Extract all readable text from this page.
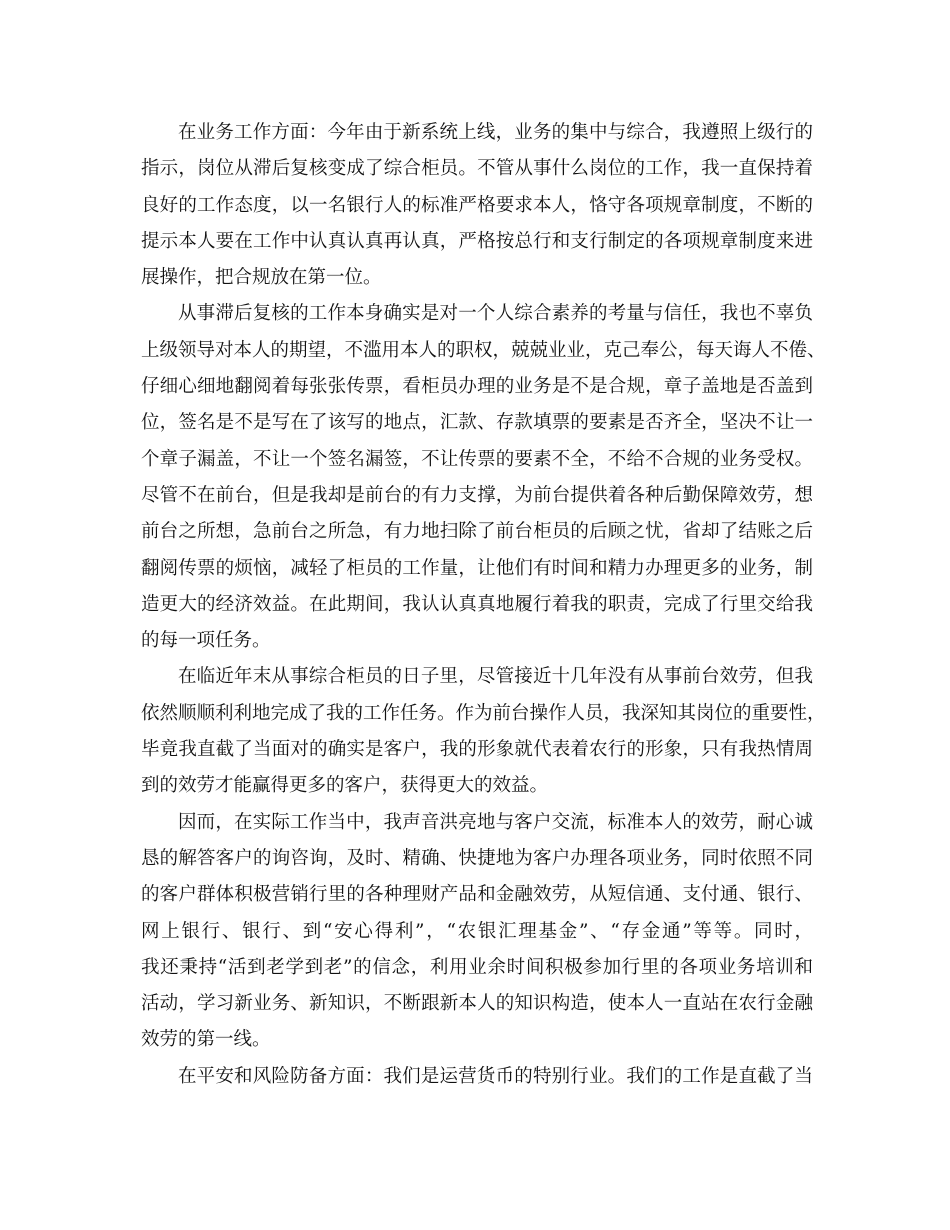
在业务工作方面：今年由于新系统上线，业务的集中与综合，我遵照上级行的
指示，岗位从滞后复核变成了综合柜员。不管从事什么岗位的工作，我一直保持着
良好的工作态度，以一名银行人的标准严格要求本人，恪守各项规章制度，不断的
提示本人要在工作中认真认真再认真，严格按总行和支行制定的各项规章制度来进
展操作，把合规放在第一位。
从事滞后复核的工作本身确实是对一个人综合素养的考量与信任，我也不辜负
上级领导对本人的期望，不滥用本人的职权，兢兢业业，克己奉公，每天诲人不倦、
仔细心细地翻阅着每张张传票，看柜员办理的业务是不是合规，章子盖地是否盖到
位，签名是不是写在了该写的地点，汇款、存款填票的要素是否齐全，坚决不让一
个章子漏盖，不让一个签名漏签，不让传票的要素不全，不给不合规的业务受权。
尽管不在前台，但是我却是前台的有力支撑，为前台提供着各种后勤保障效劳，想
前台之所想，急前台之所急，有力地扫除了前台柜员的后顾之忧，省却了结账之后
翻阅传票的烦恼，减轻了柜员的工作量，让他们有时间和精力办理更多的业务，制
造更大的经济效益。在此期间，我认认真真地履行着我的职责，完成了行里交给我
的每一项任务。
在临近年末从事综合柜员的日子里，尽管接近十几年没有从事前台效劳，但我
依然顺顺利利地完成了我的工作任务。作为前台操作人员，我深知其岗位的重要性，
毕竟我直截了当面对的确实是客户，我的形象就代表着农行的形象，只有我热情周
到的效劳才能赢得更多的客户，获得更大的效益。
因而，在实际工作当中，我声音洪亮地与客户交流，标准本人的效劳，耐心诚
恳的解答客户的询咨询，及时、精确、快捷地为客户办理各项业务，同时依照不同
的客户群体积极营销行里的各种理财产品和金融效劳，从短信通、支付通、银行、
网上银行、银行、到“安心得利”，“农银汇理基金”、“存金通”等等。同时，
我还秉持“活到老学到老”的信念，利用业余时间积极参加行里的各项业务培训和
活动，学习新业务、新知识，不断跟新本人的知识构造，使本人一直站在农行金融
效劳的第一线。
在平安和风险防备方面：我们是运营货币的特别行业。我们的工作是直截了当
